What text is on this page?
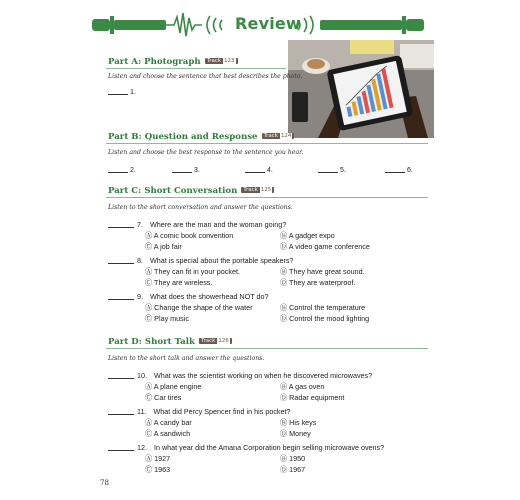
Review
Part A: Photograph Track 123
Listen and choose the sentence that best describes the photo.
1.
Part B: Question and Response Track 124
Listen and choose the best response to the sentence you hear.
2.	3.	4.	5.	6.
Part C: Short Conversation Track 125
Listen to the short conversation and answer the questions.
7. Where are the man and the woman going?
Ⓐ A comic book convention	Ⓑ A gadget expo
Ⓒ A job fair	Ⓓ A video game conference
8. What is special about the portable speakers?
Ⓐ They can fit in your pocket.	Ⓑ They have great sound.
Ⓒ They are wireless.	Ⓓ They are waterproof.
9. What does the showerhead NOT do?
Ⓐ Change the shape of the water	Ⓑ Control the temperature
Ⓒ Play music	Ⓓ Control the mood lighting
Part D: Short Talk Track 126
Listen to the short talk and answer the questions.
10. What was the scientist working on when he discovered microwaves?
Ⓐ A plane engine	Ⓑ A gas oven
Ⓒ Car tires	Ⓓ Radar equipment
11. What did Percy Spencer find in his pocket?
Ⓐ A candy bar	Ⓑ His keys
Ⓒ A sandwich	Ⓓ Money
12. In what year did the Amana Corporation begin selling microwave ovens?
Ⓐ 1927	Ⓑ 1950
Ⓒ 1963	Ⓓ 1967
78
